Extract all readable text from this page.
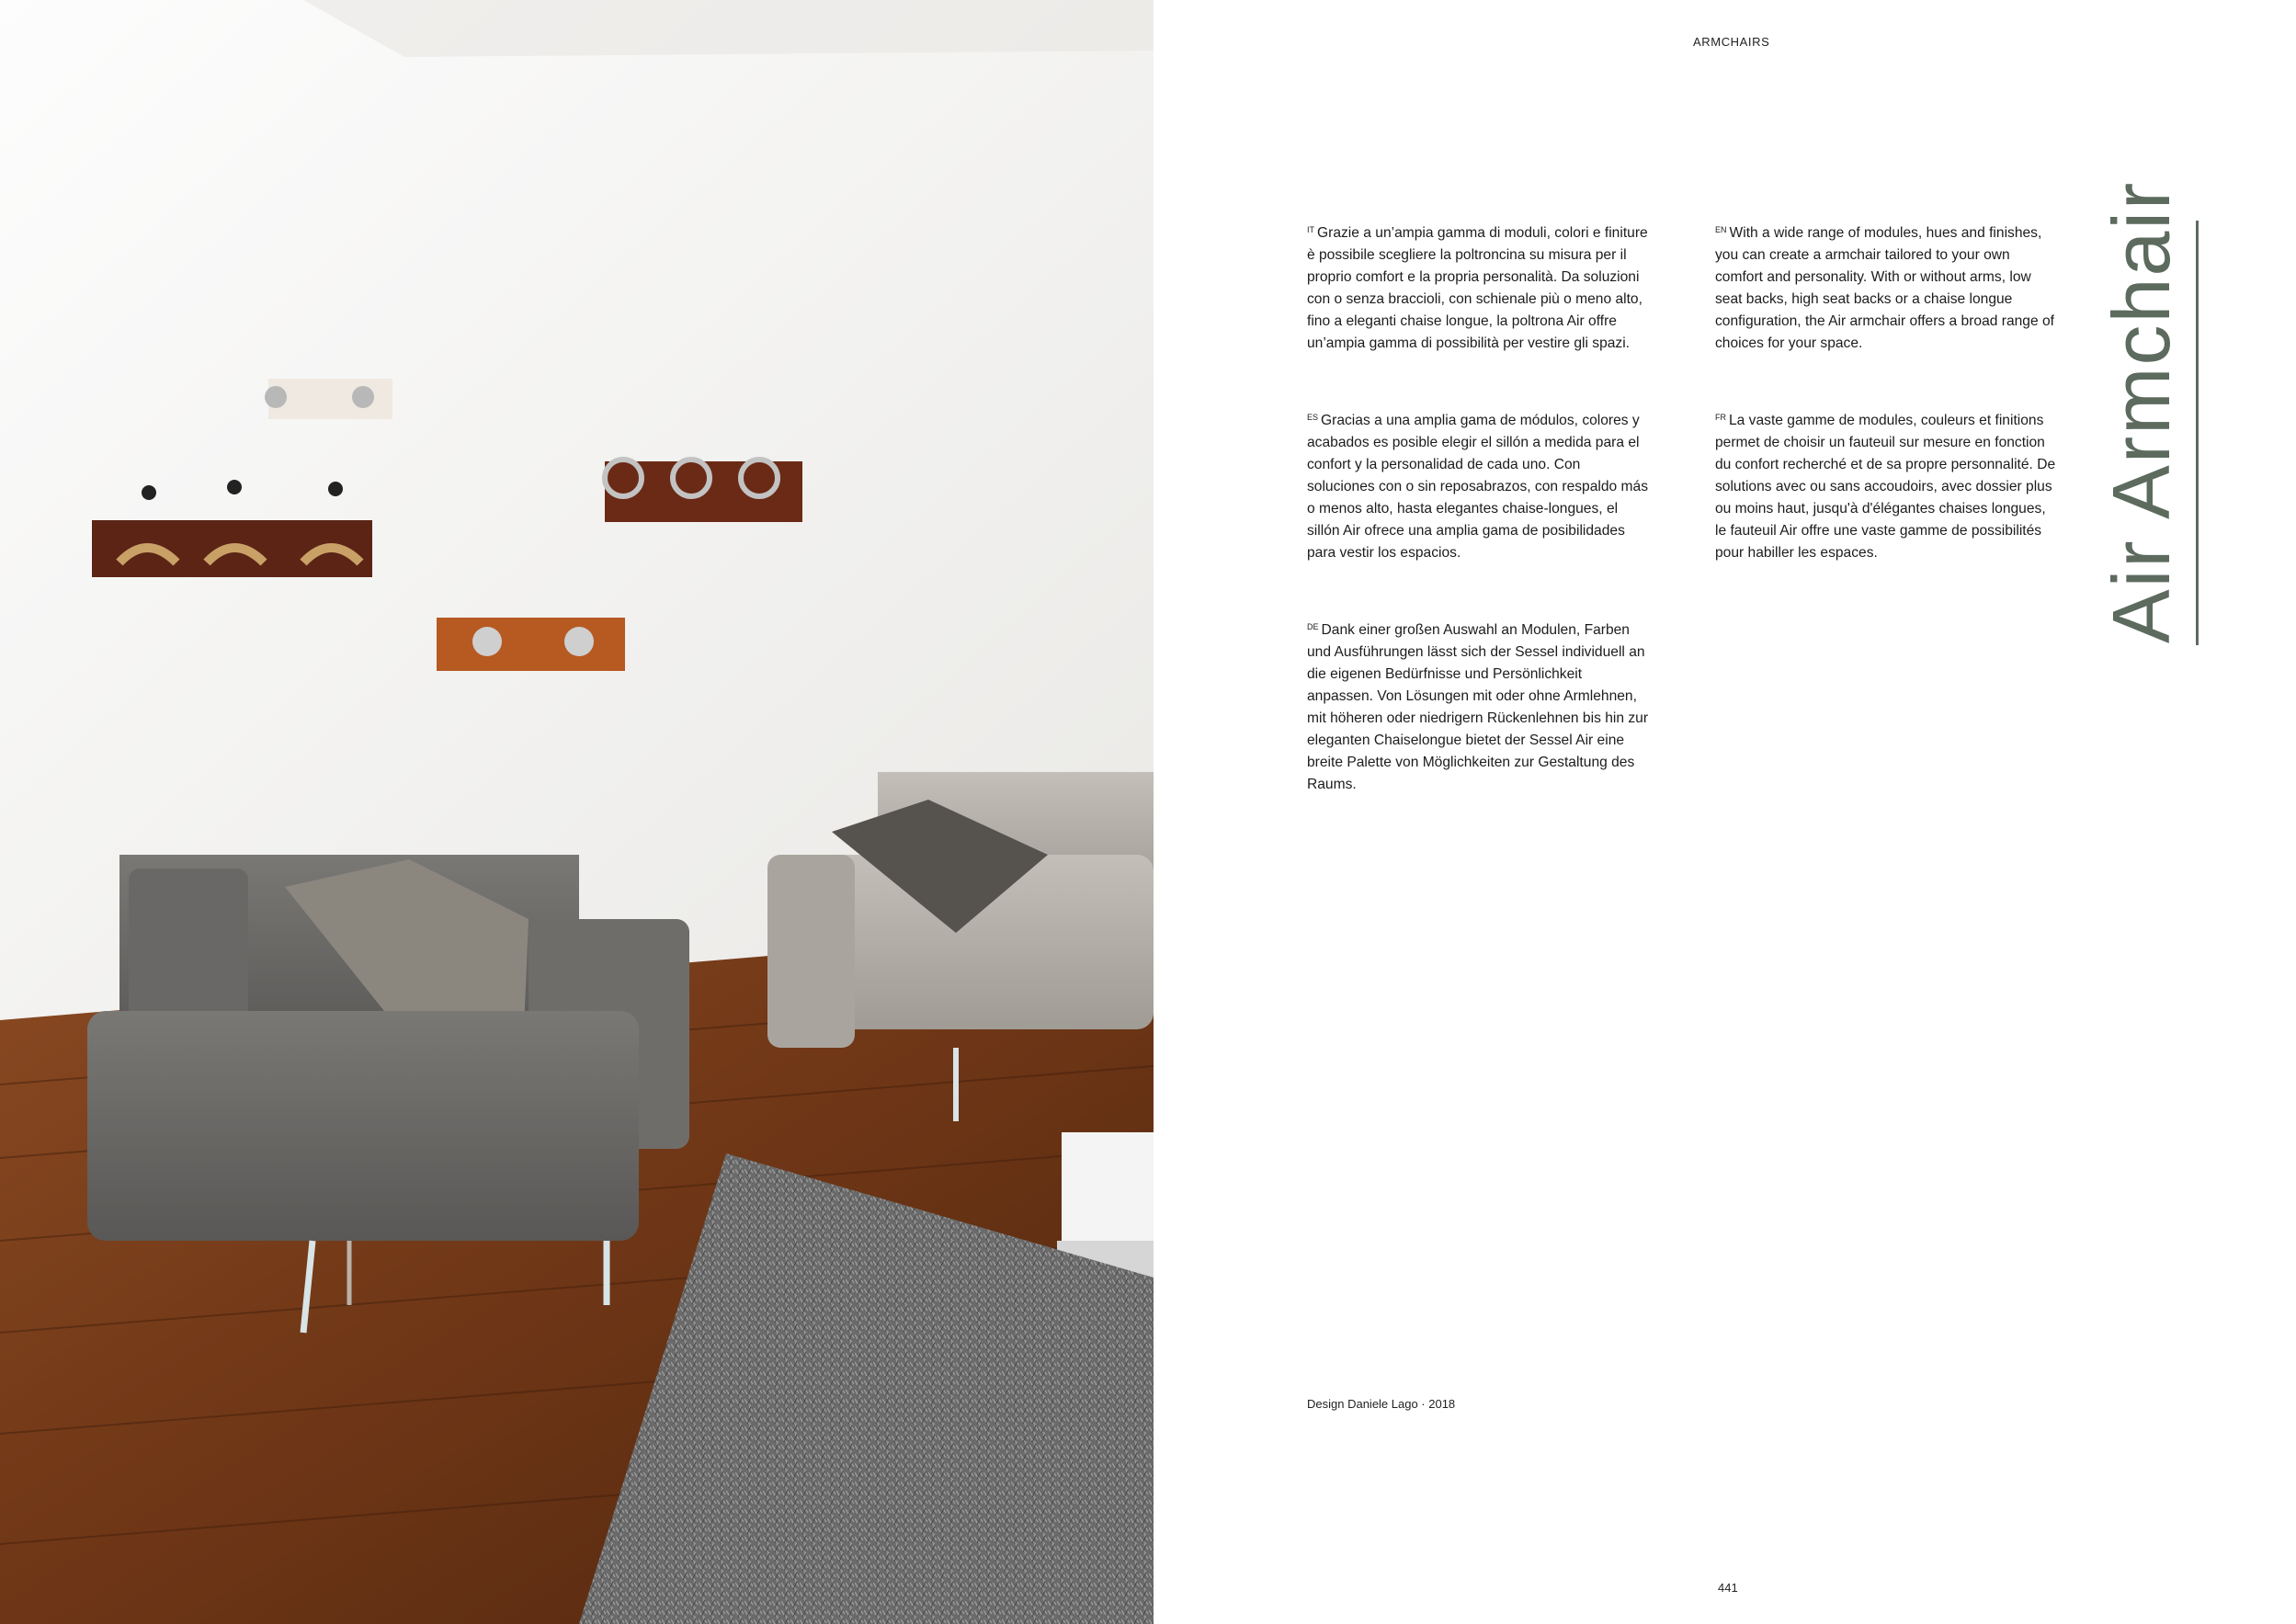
ARMCHAIRS

$^{IT}$ Grazie a un’ampia gamma di moduli, colori e finiture è possibile scegliere la poltroncina su misura per il proprio comfort e la propria personalità. Da soluzioni con o senza braccioli, con schienale più o meno alto, fino a eleganti chaise longue, la poltrona Air offre un’ampia gamma di possibilità per vestire gli spazi.

$^{EN}$ With a wide range of modules, hues and finishes, you can create a armchair tailored to your own comfort and personality. With or without arms, low seat backs, high seat backs or a chaise longue configuration, the Air armchair offers a broad range of choices for your space.

$^{ES}$ Gracias a una amplia gama de módulos, colores y acabados es posible elegir el sillón a medida para el confort y la personalidad de cada uno. Con soluciones con o sin reposabrazos, con respaldo más o menos alto, hasta elegantes chaise-longues, el sillón Air ofrece una amplia gama de posibilidades para vestir los espacios.

$^{FR}$ La vaste gamme de modules, couleurs et finitions permet de choisir un fauteuil sur mesure en fonction du confort recherché et de sa propre personnalité. De solutions avec ou sans accoudoirs, avec dossier plus ou moins haut, jusqu'à d'élégantes chaises longues, le fauteuil Air offre une vaste gamme de possibilités pour habiller les espaces.

$^{DE}$ Dank einer großen Auswahl an Modulen, Farben und Ausführungen lässt sich der Sessel individuell an die eigenen Bedürfnisse und Persönlichkeit anpassen. Von Lösungen mit oder ohne Armlehnen, mit höheren oder niedrigern Rückenlehnen bis hin zur eleganten Chaiselongue bietet der Sessel Air eine breite Palette von Möglichkeiten zur Gestaltung des Raums.

Air Armchair
Design Daniele Lago · 2018
441
